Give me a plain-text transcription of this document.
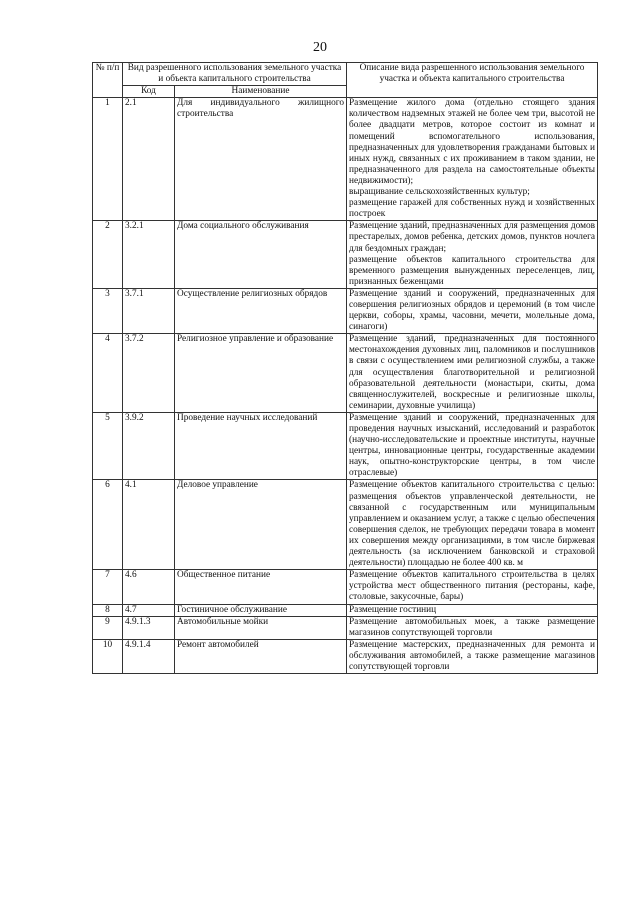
20
№ п/п	Вид разрешенного использования земельного участка и объекта капитального строительства		Описание вида разрешенного использования земельного участка и объекта капитального строительства
	Код	Наименование	
1	2.1	Для индивидуального жилищного строительства	Размещение жилого дома (отдельно стоящего здания количеством надземных этажей не более чем три, высотой не более двадцати метров, которое состоит из комнат и помещений вспомогательного использования, предназначенных для удовлетворения гражданами бытовых и иных нужд, связанных с их проживанием в таком здании, не предназначенного для раздела на самостоятельные объекты недвижимости);
выращивание сельскохозяйственных культур;
размещение гаражей для собственных нужд и хозяйственных построек

2	3.2.1	Дома социального обслуживания	Размещение зданий, предназначенных для размещения домов престарелых, домов ребенка, детских домов, пунктов ночлега для бездомных граждан;
размещение объектов капитального строительства для временного размещения вынужденных переселенцев, лиц, признанных беженцами

3	3.7.1	Осуществление религиозных обрядов	Размещение зданий и сооружений, предназначенных для совершения религиозных обрядов и церемоний (в том числе церкви, соборы, храмы, часовни, мечети, молельные дома, синагоги)

4	3.7.2	Религиозное управление и образование	Размещение зданий, предназначенных для постоянного местонахождения духовных лиц, паломников и послушников в связи с осуществлением ими религиозной службы, а также для осуществления благотворительной и религиозной образовательной деятельности (монастыри, скиты, дома священнослужителей, воскресные и религиозные школы, семинарии, духовные училища)

5	3.9.2	Проведение научных исследований	Размещение зданий и сооружений, предназначенных для проведения научных изысканий, исследований и разработок (научно-исследовательские и проектные институты, научные центры, инновационные центры, государственные академии наук, опытно-конструкторские центры, в том числе отраслевые)

6	4.1	Деловое управление	Размещение объектов капитального строительства с целью: размещения объектов управленческой деятельности, не связанной с государственным или муниципальным управлением и оказанием услуг, а также с целью обеспечения совершения сделок, не требующих передачи товара в момент их совершения между организациями, в том числе биржевая деятельность (за исключением банковской и страховой деятельности) площадью не более 400 кв. м

7	4.6	Общественное питание	Размещение объектов капитального строительства в целях устройства мест общественного питания (рестораны, кафе, столовые, закусочные, бары)

8	4.7	Гостиничное обслуживание	Размещение гостиниц

9	4.9.1.3	Автомобильные мойки	Размещение автомобильных моек, а также размещение магазинов сопутствующей торговли

10	4.9.1.4	Ремонт автомобилей	Размещение мастерских, предназначенных для ремонта и обслуживания автомобилей, а также размещение магазинов сопутствующей торговли
